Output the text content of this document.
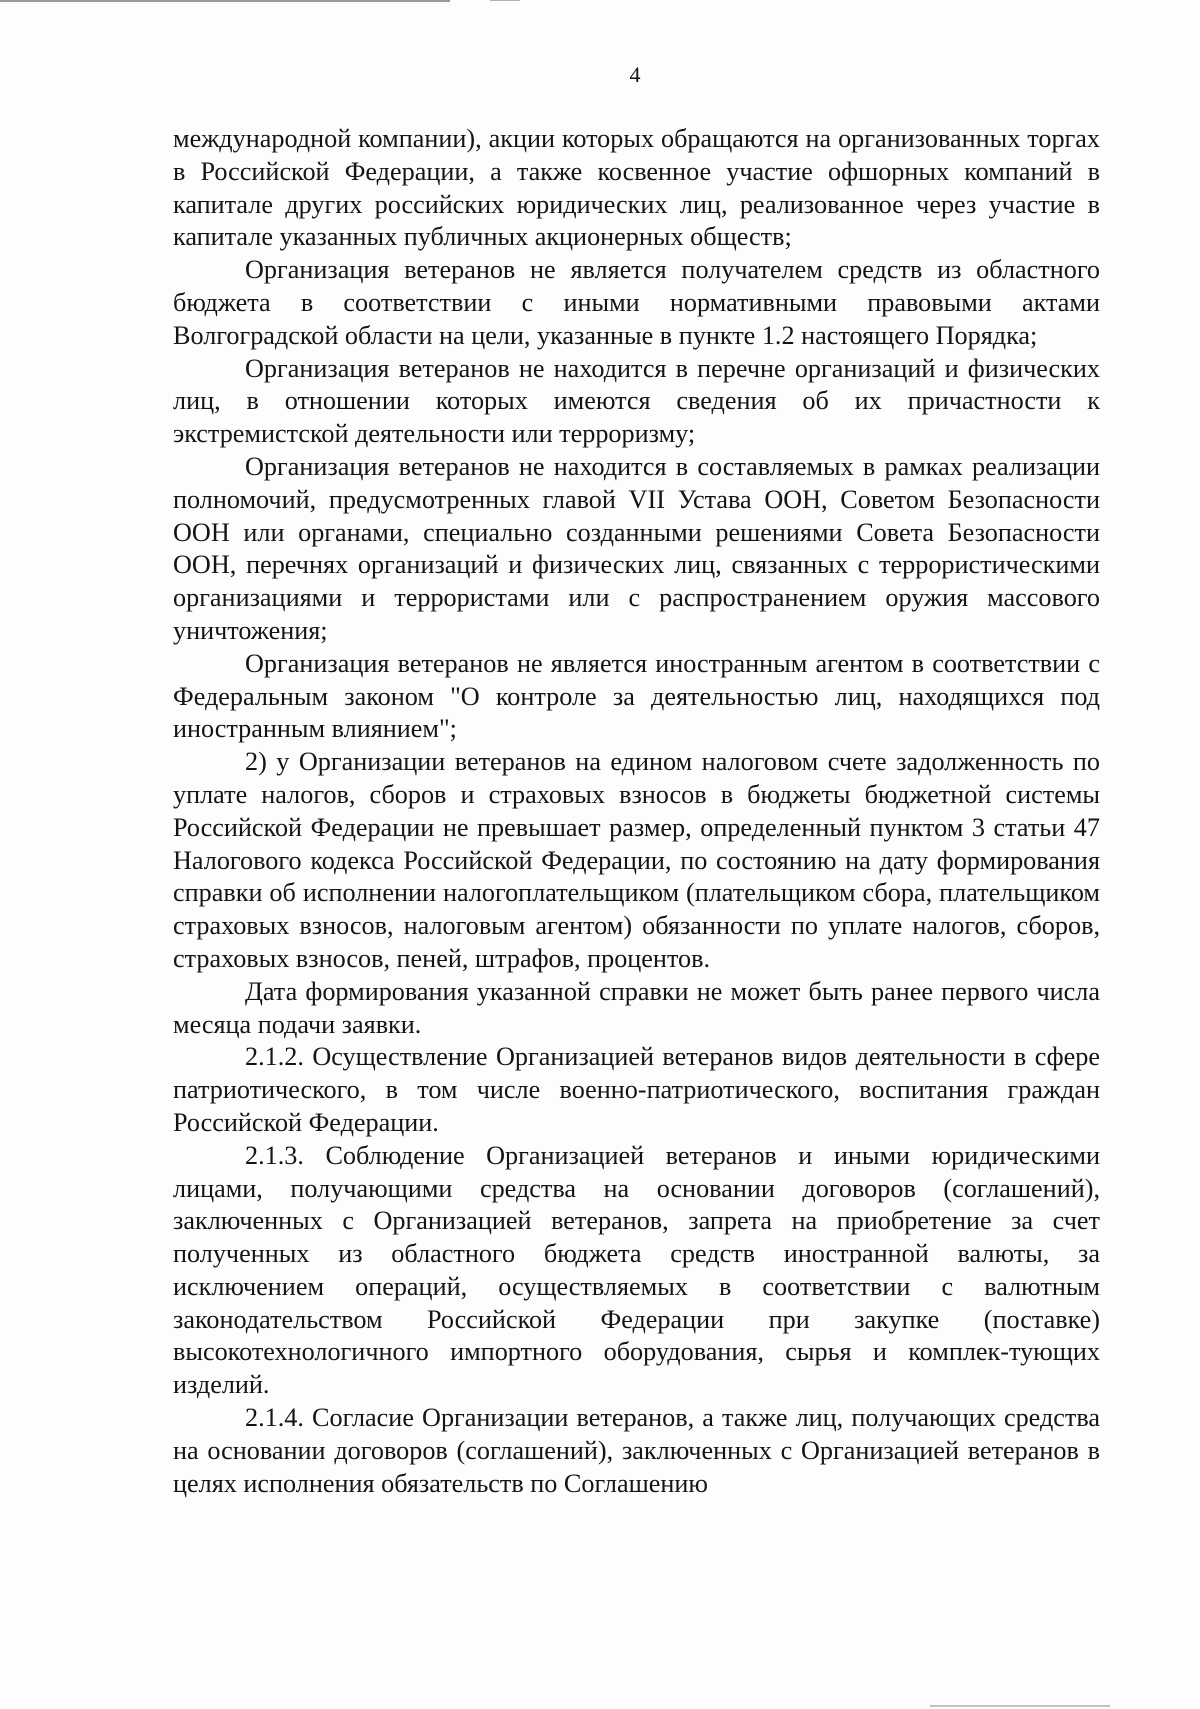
4

международной компании), акции которых обращаются на организованных торгах в Российской Федерации, а также косвенное участие офшорных компаний в капитале других российских юридических лиц, реализованное через участие в капитале указанных публичных акционерных обществ;

Организация ветеранов не является получателем средств из областного бюджета в соответствии с иными нормативными правовыми актами Волгоградской области на цели, указанные в пункте 1.2 настоящего Порядка;

Организация ветеранов не находится в перечне организаций и физических лиц, в отношении которых имеются сведения об их причастности к экстремистской деятельности или терроризму;

Организация ветеранов не находится в составляемых в рамках реализации полномочий, предусмотренных главой VII Устава ООН, Советом Безопасности ООН или органами, специально созданными решениями Совета Безопасности ООН, перечнях организаций и физических лиц, связанных с террористическими организациями и террористами или с распространением оружия массового уничтожения;

Организация ветеранов не является иностранным агентом в соответствии с Федеральным законом "О контроле за деятельностью лиц, находящихся под иностранным влиянием";

2) у Организации ветеранов на едином налоговом счете задолженность по уплате налогов, сборов и страховых взносов в бюджеты бюджетной системы Российской Федерации не превышает размер, определенный пунктом 3 статьи 47 Налогового кодекса Российской Федерации, по состоянию на дату формирования справки об исполнении налогоплательщиком (плательщиком сбора, плательщиком страховых взносов, налоговым агентом) обязанности по уплате налогов, сборов, страховых взносов, пеней, штрафов, процентов.

Дата формирования указанной справки не может быть ранее первого числа месяца подачи заявки.

2.1.2. Осуществление Организацией ветеранов видов деятельности в сфере патриотического, в том числе военно-патриотического, воспитания граждан Российской Федерации.

2.1.3. Соблюдение Организацией ветеранов и иными юридическими лицами, получающими средства на основании договоров (соглашений), заключенных с Организацией ветеранов, запрета на приобретение за счет полученных из областного бюджета средств иностранной валюты, за исключением операций, осуществляемых в соответствии с валютным законодательством Российской Федерации при закупке (поставке) высокотехнологичного импортного оборудования, сырья и комплек-тующих изделий.

2.1.4. Согласие Организации ветеранов, а также лиц, получающих средства на основании договоров (соглашений), заключенных с Организацией ветеранов в целях исполнения обязательств по Соглашению
